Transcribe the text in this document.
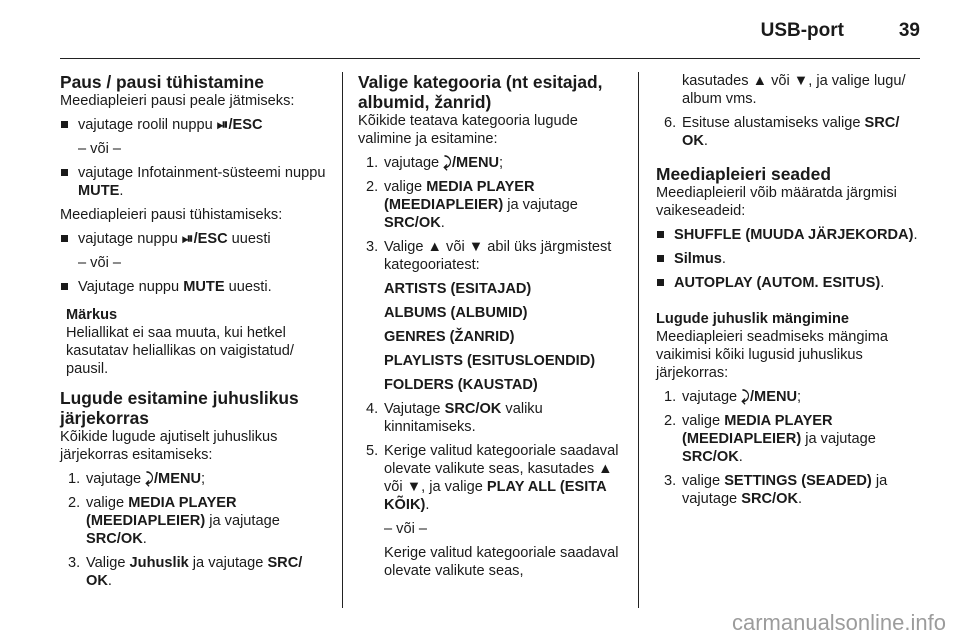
USB-port	39
Paus / pausi tühistamine

Meediapleieri pausi peale jätmiseks:

vajutage roolil nuppu ⏯/ESC

– või –

vajutage Infotainment-süsteemi nuppu MUTE.

Meediapleieri pausi tühistamiseks:

vajutage nuppu ⏯/ESC uuesti

– või –

Vajutage nuppu MUTE uuesti.

Märkus

Heliallikat ei saa muuta, kui hetkel kasutatav heliallikas on vaigistatud/ pausil.

Lugude esitamine juhuslikus järjekorras

Kõikide lugude ajutiselt juhuslikus järjekorras esitamiseks:

1. vajutage ⤸/MENU;

2. valige MEDIA PLAYER (MEEDIAPLEIER) ja vajutage SRC/OK.

3. Valige Juhuslik ja vajutage SRC/ OK.

Valige kategooria (nt esitajad, albumid, žanrid)

Kõikide teatava kategooria lugude valimine ja esitamine:

1. vajutage ⤸/MENU;

2. valige MEDIA PLAYER (MEEDIAPLEIER) ja vajutage SRC/OK.

3. Valige ▲ või ▼ abil üks järgmistest kategooriatest:

ARTISTS (ESITAJAD)

ALBUMS (ALBUMID)

GENRES (ŽANRID)

PLAYLISTS (ESITUSLOENDID)

FOLDERS (KAUSTAD)

4. Vajutage SRC/OK valiku kinnitamiseks.

5. Kerige valitud kategooriale saadaval olevate valikute seas, kasutades ▲ või ▼, ja valige PLAY ALL (ESITA KÕIK).

– või –

Kerige valitud kategooriale saadaval olevate valikute seas,

kasutades ▲ või ▼, ja valige lugu/ album vms.

6. Esituse alustamiseks valige SRC/ OK.

Meediapleieri seaded

Meediapleieril võib määratda järgmisi vaikeseadeid:

SHUFFLE (MUUDA JÄRJEKORDA).

Silmus.

AUTOPLAY (AUTOM. ESITUS).

Lugude juhuslik mängimine

Meediapleieri seadmiseks mängima vaikimisi kõiki lugusid juhuslikus järjekorras:

1. vajutage ⤸/MENU;

2. valige MEDIA PLAYER (MEEDIAPLEIER) ja vajutage SRC/OK.

3. valige SETTINGS (SEADED) ja vajutage SRC/OK.

carmanualsonline.info
